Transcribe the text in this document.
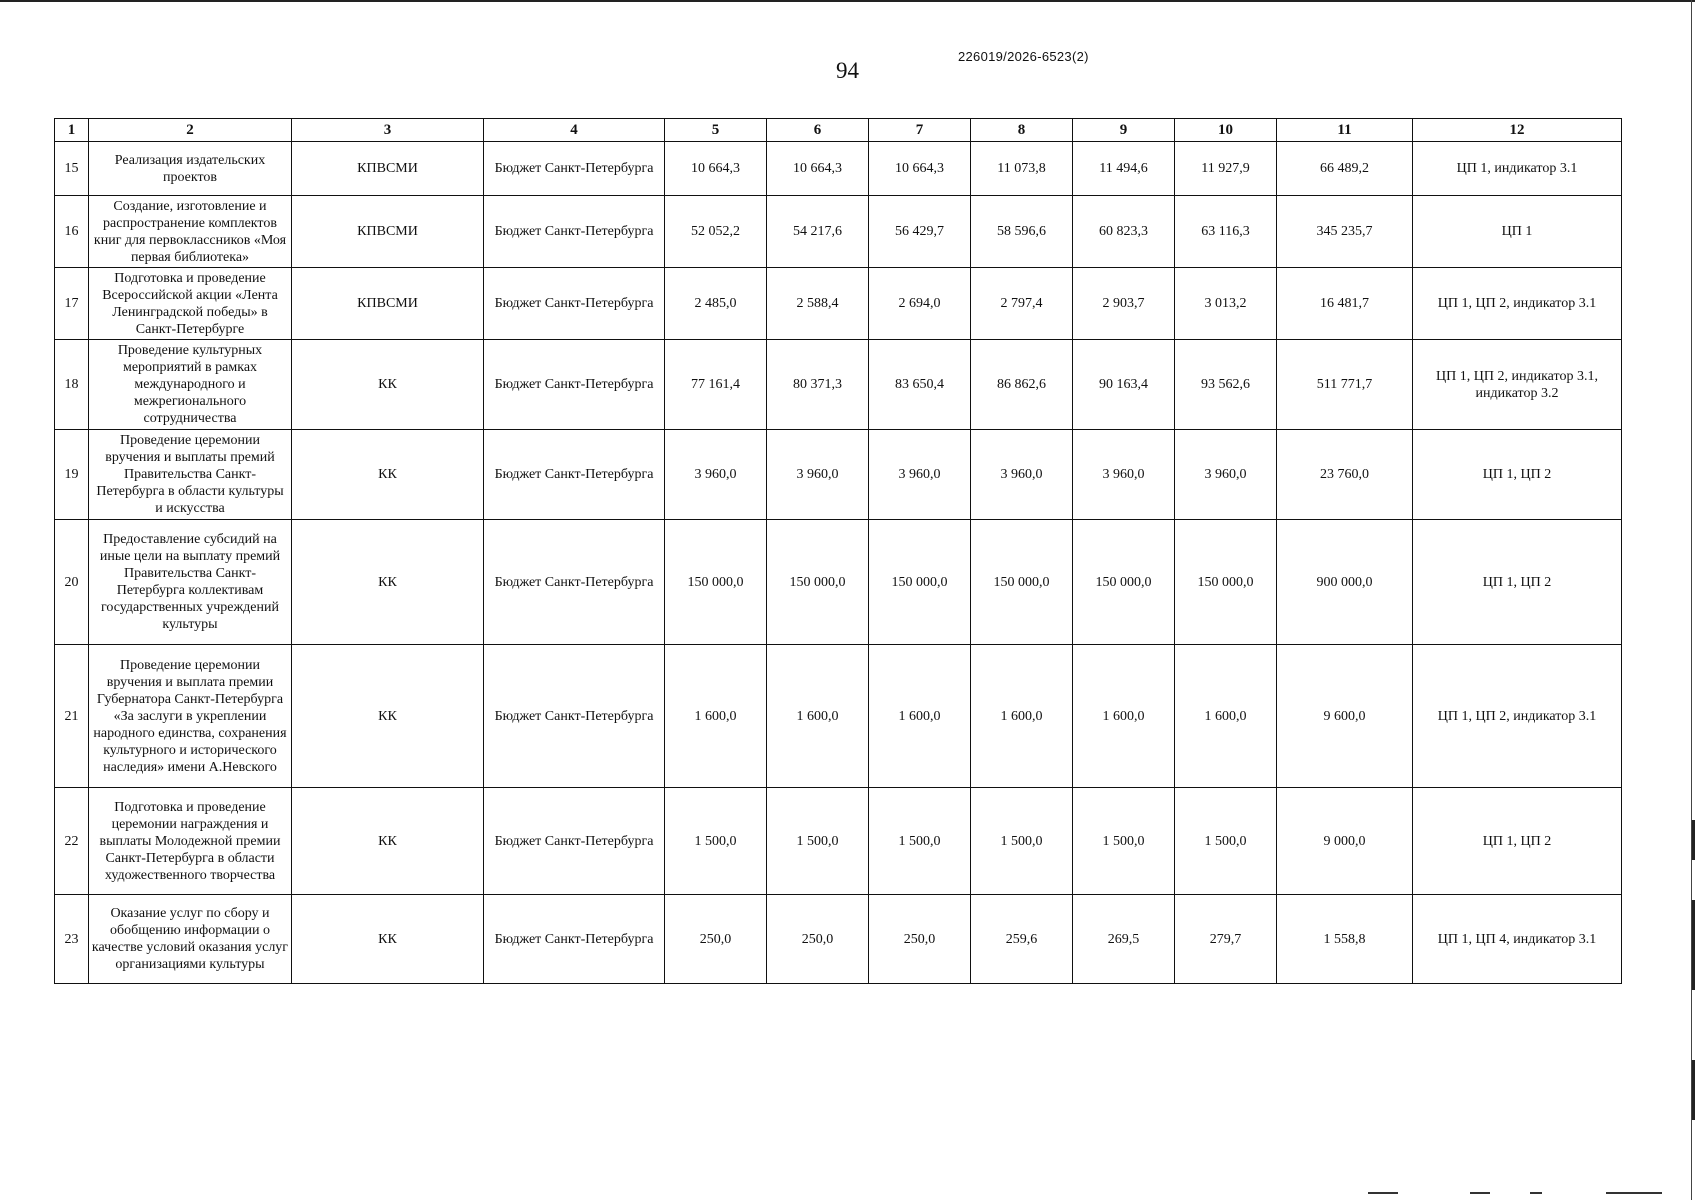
94
226019/2026-6523(2)
1	2	3	4	5	6	7	8	9	10	11	12
15	Реализация издательских проектов	КПВСМИ	Бюджет Санкт-Петербурга	10 664,3	10 664,3	10 664,3	11 073,8	11 494,6	11 927,9	66 489,2	ЦП 1, индикатор 3.1
16	Создание, изготовление и распространение комплектов книг для первоклассников «Моя первая библиотека»	КПВСМИ	Бюджет Санкт-Петербурга	52 052,2	54 217,6	56 429,7	58 596,6	60 823,3	63 116,3	345 235,7	ЦП 1
17	Подготовка и проведение Всероссийской акции «Лента Ленинградской победы» в Санкт-Петербурге	КПВСМИ	Бюджет Санкт-Петербурга	2 485,0	2 588,4	2 694,0	2 797,4	2 903,7	3 013,2	16 481,7	ЦП 1, ЦП 2, индикатор 3.1
18	Проведение культурных мероприятий в рамках международного и межрегионального сотрудничества	КК	Бюджет Санкт-Петербурга	77 161,4	80 371,3	83 650,4	86 862,6	90 163,4	93 562,6	511 771,7	ЦП 1, ЦП 2, индикатор 3.1, индикатор 3.2
19	Проведение церемонии вручения и выплаты премий Правительства Санкт-Петербурга в области культуры и искусства	КК	Бюджет Санкт-Петербурга	3 960,0	3 960,0	3 960,0	3 960,0	3 960,0	3 960,0	23 760,0	ЦП 1, ЦП 2
20	Предоставление субсидий на иные цели на выплату премий Правительства Санкт-Петербурга коллективам государственных учреждений культуры	КК	Бюджет Санкт-Петербурга	150 000,0	150 000,0	150 000,0	150 000,0	150 000,0	150 000,0	900 000,0	ЦП 1, ЦП 2
21	Проведение церемонии вручения и выплата премии Губернатора Санкт-Петербурга «За заслуги в укреплении народного единства, сохранения культурного и исторического наследия» имени А.Невского	КК	Бюджет Санкт-Петербурга	1 600,0	1 600,0	1 600,0	1 600,0	1 600,0	1 600,0	9 600,0	ЦП 1, ЦП 2, индикатор 3.1
22	Подготовка и проведение церемонии награждения и выплаты Молодежной премии Санкт-Петербурга в области художественного творчества	КК	Бюджет Санкт-Петербурга	1 500,0	1 500,0	1 500,0	1 500,0	1 500,0	1 500,0	9 000,0	ЦП 1, ЦП 2
23	Оказание услуг по сбору и обобщению информации о качестве условий оказания услуг организациями культуры	КК	Бюджет Санкт-Петербурга	250,0	250,0	250,0	259,6	269,5	279,7	1 558,8	ЦП 1, ЦП 4, индикатор 3.1
